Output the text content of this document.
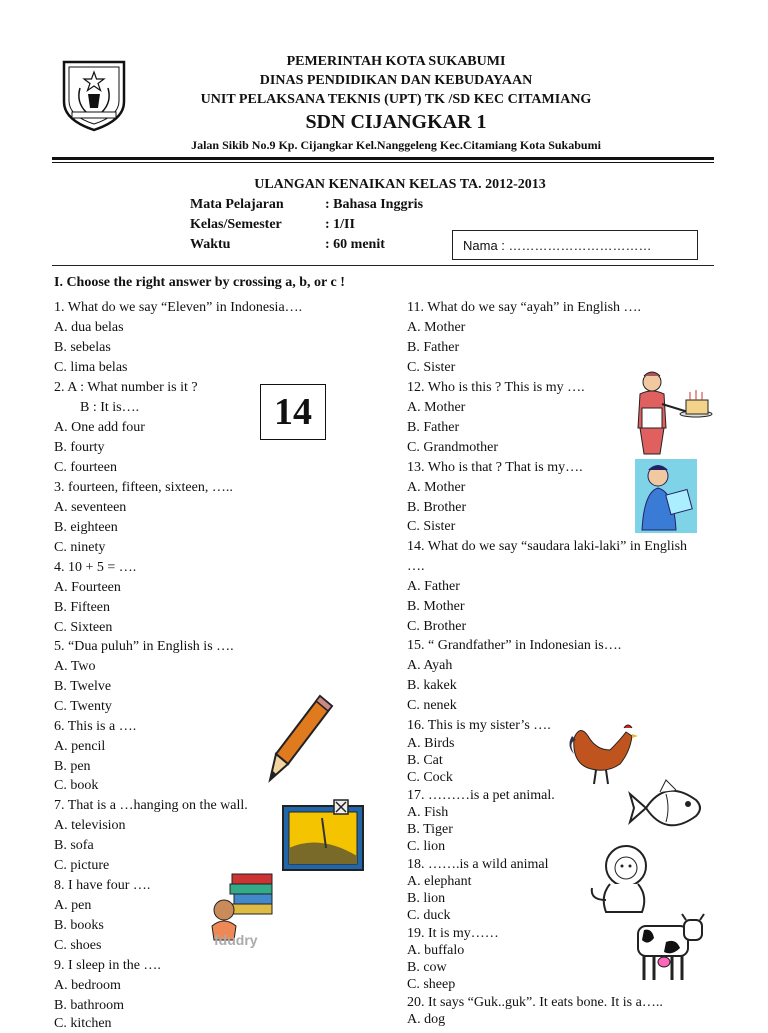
PEMERINTAH KOTA SUKABUMI
DINAS PENDIDIKAN DAN KEBUDAYAAN
UNIT PELAKSANA TEKNIS (UPT) TK /SD KEC CITAMIANG
SDN CIJANGKAR 1
Jalan Sikib No.9 Kp. Cijangkar Kel.Nanggeleng Kec.Citamiang Kota Sukabumi
ULANGAN KENAIKAN KELAS TA. 2012-2013
Mata Pelajaran	: Bahasa Inggris
Kelas/Semester	: 1/II
Waktu	: 60 menit	Nama : ……………………………
I. Choose the right answer by crossing a, b, or c !
1. What do we say “Eleven” in Indonesia….
A. dua belas
B. sebelas
C. lima belas
2. A : What number is it ?
B : It is….
A. One add four
B. fourty
C. fourteen
3. fourteen, fifteen, sixteen, …..
A. seventeen
B. eighteen
C. ninety
4. 10 + 5 = ….
A. Fourteen
B. Fifteen
C. Sixteen
5. “Dua puluh” in English is ….
A. Two
B. Twelve
C. Twenty
6. This is a ….
A. pencil
B. pen
C. book
7. That is a …hanging on the wall.
A. television
B. sofa
C. picture
8. I have four ….
A. pen
B. books
C. shoes
9. I sleep in the ….
A. bedroom
B. bathroom
C. kitchen
11. What do we say “ayah” in English ….
A. Mother
B. Father
C. Sister
12. Who is this ? This is my ….
A. Mother
B. Father
C. Grandmother
13. Who is that ? That is my….
A. Mother
B. Brother
C. Sister
14. What do we say “saudara laki-laki” in English
….
A. Father
B. Mother
C. Brother
15. “ Grandfather” in Indonesian is….
A. Ayah
B. kakek
C. nenek
16. This is my sister’s ….
A. Birds
B. Cat
C. Cock
17. ………is a pet animal.
A. Fish
B. Tiger
C. lion
18. …….is a wild animal
A. elephant
B. lion
C. duck
19. It is my……
A. buffalo
B. cow
C. sheep
20. It says “Guk..guk”. It eats bone. It is a…..
A. dog
14
fdudry
